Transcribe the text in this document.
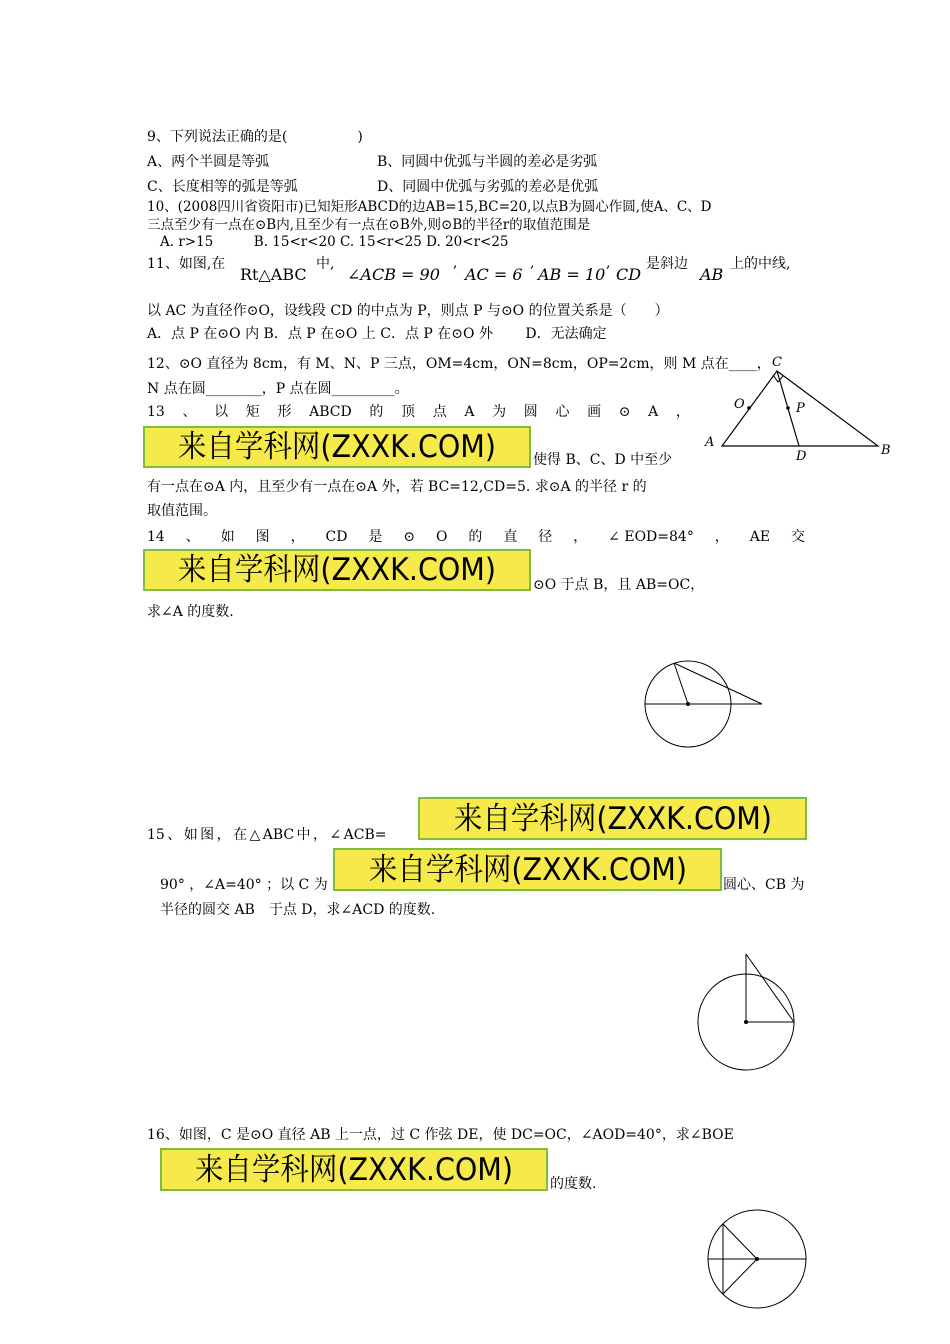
9、下列说法正确的是(　　　　　)
A、两个半圆是等弧	B、同圆中优弧与半圆的差必是劣弧
C、长度相等的弧是等弧	D、同圆中优弧与劣弧的差必是优弧
10、(2008四川省资阳市)已知矩形ABCD的边AB=15,BC=20,以点B为圆心作圆,使A、C、D
三点至少有一点在⊙B内,且至少有一点在⊙B外,则⊙B的半径r的取值范围是
A. r>15　　　B. 15<r<20 C. 15<r<25 D. 20<r<25
11、如图,在
Rt△ABC
中,
∠ACB = 90
,
AC = 6
,
AB = 10
,
CD
是斜边
AB
上的中线,
以 AC 为直径作⊙O，设线段 CD 的中点为 P，则点 P 与⊙O 的位置关系是（　　）
A．点 P 在⊙O 内 B．点 P 在⊙O 上 C．点 P 在⊙O 外　　 D．无法确定
12、⊙O 直径为 8cm，有 M、N、P 三点，OM=4cm，ON=8cm，OP=2cm，则 M 点在____，
N 点在圆________，P 点在圆_________。
13 、 以 矩 形 ABCD 的 顶 点 A 为 圆 心 画 ⊙ A ，
来自学科网(ZXXK.COM)	使得 B、C、D 中至少
有一点在⊙A 内，且至少有一点在⊙A 外，若 BC=12,CD=5. 求⊙A 的半径 r 的
取值范围。
14 、 如 图 ， CD 是 ⊙ O 的 直 径 ， ∠ EOD=84° ， AE 交
来自学科网(ZXXK.COM)	⊙O 于点 B，且 AB=OC，
求∠A 的度数.
C
O	P
A
D	B
15 、 如 图 ， 在 △ ABC 中 ， ∠ ACB= 来自学科网(ZXXK.COM)
来自学科网(ZXXK.COM)
90° ，∠A=40° ；以 C 为	圆心、CB 为
半径的圆交 AB　于点 D，求∠ACD 的度数.
16、如图，C 是⊙O 直径 AB 上一点，过 C 作弦 DE，使 DC=OC，∠AOD=40°，求∠BOE
来自学科网(ZXXK.COM)	的度数.
